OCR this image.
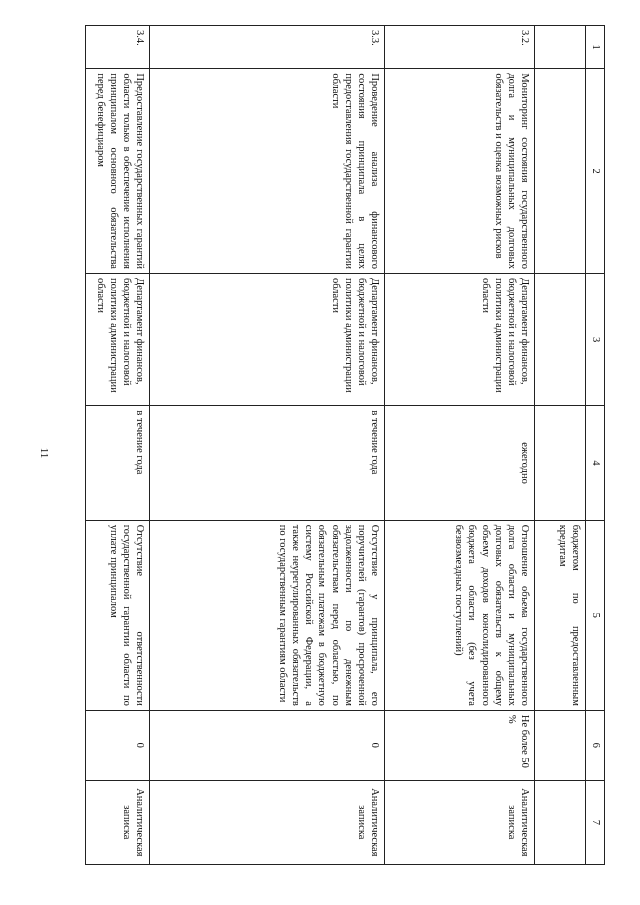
11
1	2	3	4	5	6	7
				бюджетом по предоставленным кредитам		
3.2.	Мониторинг состояния государственного долга и муниципальных долговых обязательств и оценка возможных рисков	Департамент финансов, бюджетной и налоговой политики администрации области	ежегодно	Отношение объема государственного долга области и муниципальных долговых обязательств к общему объему доходов консолидированного бюджета области (без учета безвозмездных поступлений)	Не более 50 %	Аналитическая записка
3.3.	Проведение анализа финансового состояния принципала в целях предоставления государственной гарантии области	Департамент финансов, бюджетной и налоговой политики администрации области	в течение года	Отсутствие у принципала, его поручителей (гарантов) просроченной задолженности по денежным обязательствам перед областью, по обязательным платежам в бюджетную систему Российской Федерации, а также неурегулированных обязательств по государственным гарантиям области	0	Аналитическая записка
3.4.	Предоставление государственных гарантий области только в обеспечение исполнения принципалом основного обязательства перед бенефициаром	Департамент финансов, бюджетной и налоговой политики администрации области	в течение года	Отсутствие ответственности государственной гарантии области по уплате принципалом	0	Аналитическая записка
